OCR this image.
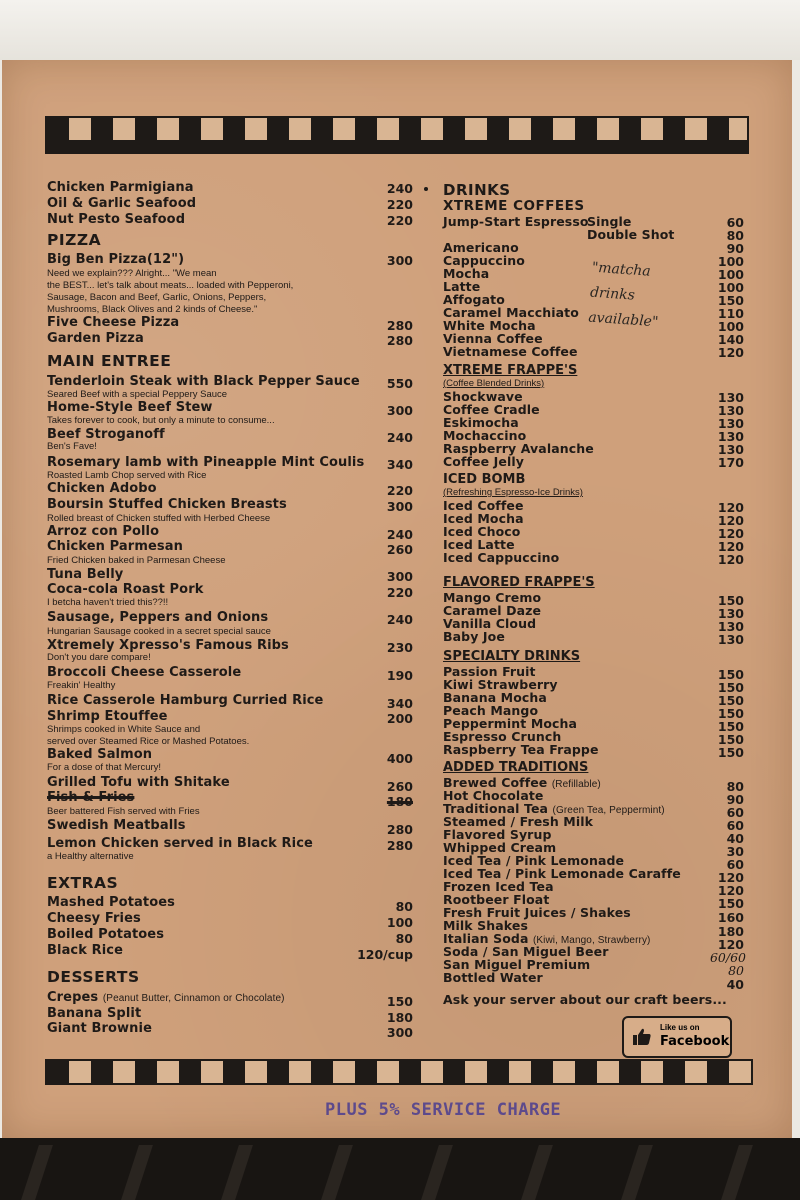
Chicken Parmigiana	240
Oil & Garlic Seafood	220
Nut Pesto Seafood	220
PIZZA
Big Ben Pizza(12")	300
Need we explain??? Alright... "We mean
the BEST... let's talk about meats... loaded with Pepperoni,
Sausage, Bacon and Beef, Garlic, Onions, Peppers,
Mushrooms, Black Olives and 2 kinds of Cheese."
Five Cheese Pizza	280
Garden Pizza	280
MAIN ENTREE
Tenderloin Steak with Black Pepper Sauce 550
Seared Beef with a special Peppery Sauce
Home-Style Beef Stew	300
Takes forever to cook, but only a minute to consume...
Beef Stroganoff	240
Ben's Fave!
Rosemary lamb with Pineapple Mint Coulis 340
Roasted Lamb Chop served with Rice
Chicken Adobo	220
Boursin Stuffed Chicken Breasts	300
Rolled breast of Chicken stuffed with Herbed Cheese
Arroz con Pollo	240
Chicken Parmesan	260
Fried Chicken baked in Parmesan Cheese
Tuna Belly	300
Coca-cola Roast Pork	220
I betcha haven't tried this??!!
Sausage, Peppers and Onions	240
Hungarian Sausage cooked in a secret special sauce
Xtremely Xpresso's Famous Ribs	230
Don't you dare compare!
Broccoli Cheese Casserole	190
Freakin' Healthy
Rice Casserole Hamburg Curried Rice	340
Shrimp Etouffee	200
Shrimps cooked in White Sauce and
served over Steamed Rice or Mashed Potatoes.
Baked Salmon	400
For a dose of that Mercury!
Grilled Tofu with Shitake	260
Fish & Fries	180
Beer battered Fish served with Fries
Swedish Meatballs	280
Lemon Chicken served in Black Rice	280
a Healthy alternative
EXTRAS
Mashed Potatoes	80
Cheesy Fries	100
Boiled Potatoes	80
Black Rice	120/cup
DESSERTS
Crepes (Peanut Butter, Cinnamon or Chocolate)	150
Banana Split	180
Giant Brownie	300
DRINKS
XTREME COFFEES
Jump-Start Espresso
Single	60
Double Shot	80
Americano	90
Cappuccino	100
Mocha	100
Latte	100
Affogato	150
Caramel Macchiato	110
White Mocha	100
Vienna Coffee	140
Vietnamese Coffee	120
XTREME FRAPPE'S
(Coffee Blended Drinks)
Shockwave	130
Coffee Cradle	130
Eskimocha	130
Mochaccino	130
Raspberry Avalanche	130
Coffee Jelly	170
ICED BOMB
(Refreshing Espresso-Ice Drinks)
Iced Coffee	120
Iced Mocha	120
Iced Choco	120
Iced Latte	120
Iced Cappuccino	120
FLAVORED FRAPPE'S
Mango Cremo	150
Caramel Daze	130
Vanilla Cloud	130
Baby Joe	130
SPECIALTY DRINKS
Passion Fruit	150
Kiwi Strawberry	150
Banana Mocha	150
Peach Mango	150
Peppermint Mocha	150
Espresso Crunch	150
Raspberry Tea Frappe	150
ADDED TRADITIONS
Brewed Coffee (Refillable)	80
Hot Chocolate	90
Traditional Tea (Green Tea, Peppermint)	60
Steamed / Fresh Milk	60
Flavored Syrup	40
Whipped Cream	30
Iced Tea / Pink Lemonade	60
Iced Tea / Pink Lemonade Caraffe	120
Frozen Iced Tea	120
Rootbeer Float	150
Fresh Fruit Juices / Shakes	160
Milk Shakes	180
Italian Soda (Kiwi, Mango, Strawberry)	120
Soda / San Miguel Beer	60/60
San Miguel Premium	80
Bottled Water	40
Ask your server about our craft beers...
"matcha
drinks
available"
Like us on
Facebook
PLUS 5% SERVICE CHARGE
